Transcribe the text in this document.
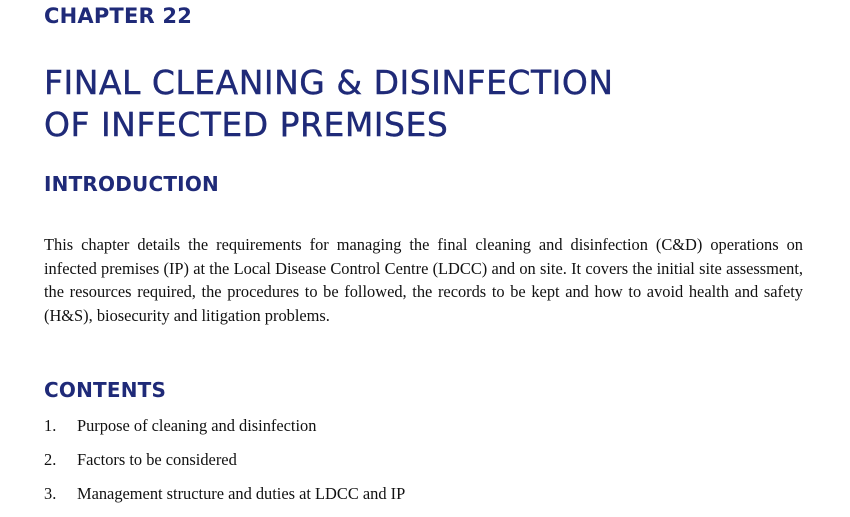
CHAPTER 22
FINAL CLEANING & DISINFECTION
OF INFECTED PREMISES
INTRODUCTION

This chapter details the requirements for managing the final cleaning and disinfection (C&D) operations on infected premises (IP) at the Local Disease Control Centre (LDCC) and on site. It covers the initial site assessment, the resources required, the procedures to be followed, the records to be kept and how to avoid health and safety (H&S), biosecurity and litigation problems.

CONTENTS
1. Purpose of cleaning and disinfection
2. Factors to be considered
3. Management structure and duties at LDCC and IP
